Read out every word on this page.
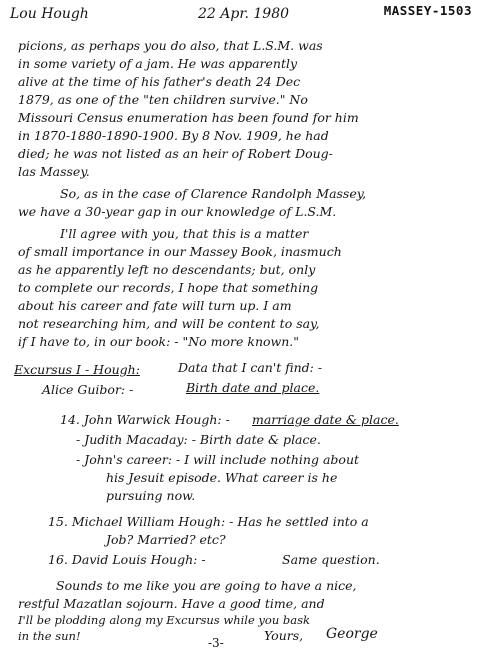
Lou Hough	22 Apr. 1980	MASSEY-1503
picions, as perhaps you do also, that L.S.M. was
in some variety of a jam. He was apparently
alive at the time of his father's death 24 Dec
1879, as one of the "ten children survive." No
Missouri Census enumeration has been found for him
in 1870-1880-1890-1900. By 8 Nov. 1909, he had
died; he was not listed as an heir of Robert Doug-
las Massey.
So, as in the case of Clarence Randolph Massey,
we have a 30-year gap in our knowledge of L.S.M.
I'll agree with you, that this is a matter
of small importance in our Massey Book, inasmuch
as he apparently left no descendants; but, only
to complete our records, I hope that something
about his career and fate will turn up. I am
not researching him, and will be content to say,
if I have to, in our book: - "No more known."
Excursus I - Hough:	Data that I can't find: -
Alice Guibor: -	Birth date and place.
14. John Warwick Hough: - marriage date & place.
- Judith Macaday: - Birth date & place.
- John's career: - I will include nothing about
his Jesuit episode. What career is he
pursuing now.
15. Michael William Hough: - Has he settled into a
Job? Married? etc?
16. David Louis Hough: -	Same question.
Sounds to me like you are going to have a nice,
restful Mazatlan sojourn. Have a good time, and
I'll be plodding along my Excursus while you bask
in the sun!	Yours, George
-3-
